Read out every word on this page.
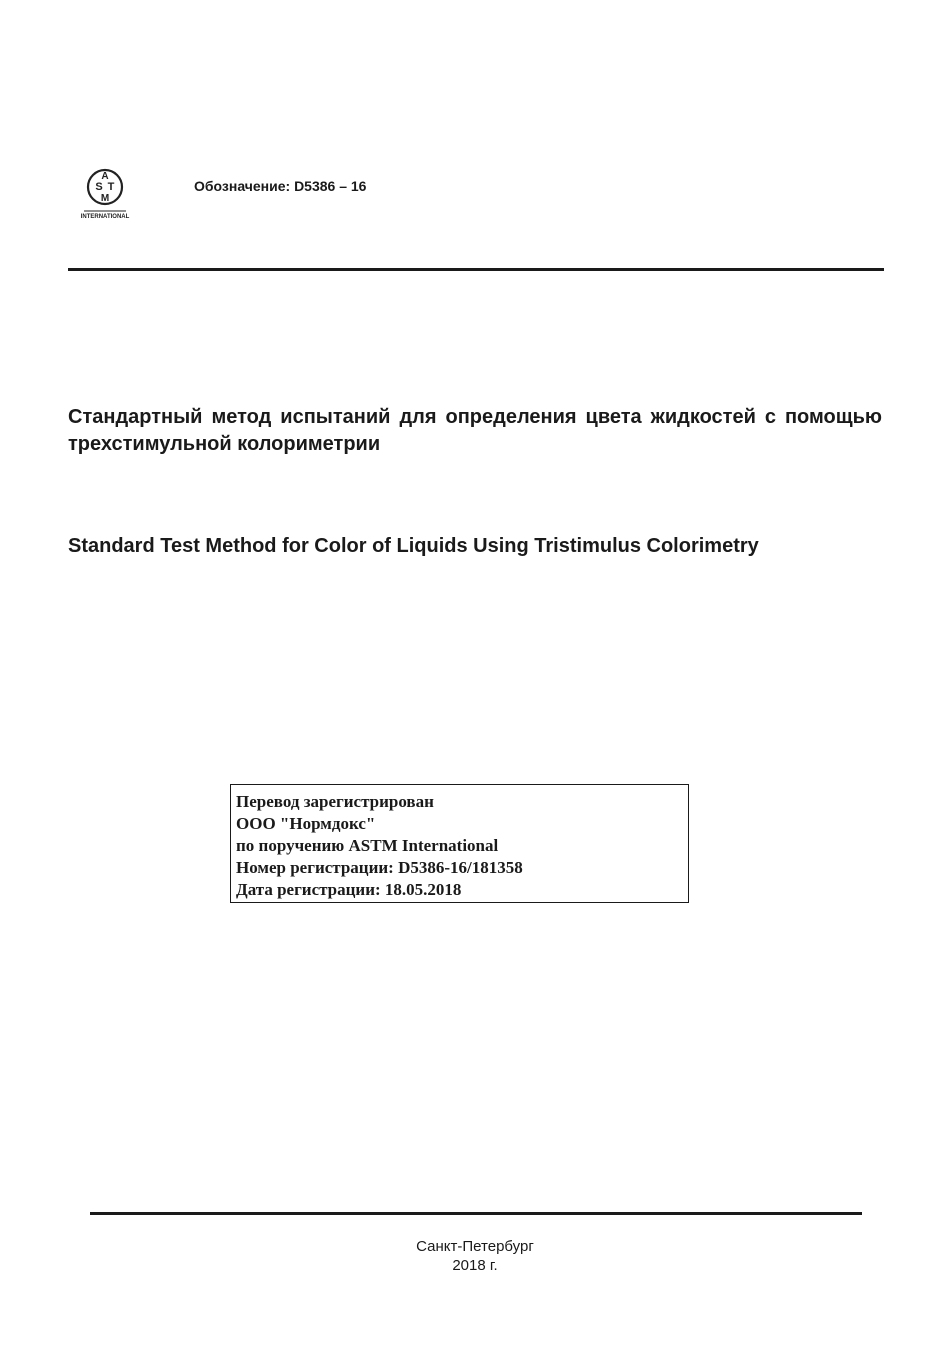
A
S T
M
INTERNATIONAL
Обозначение: D5386 – 16
Стандартный метод испытаний для определения цвета жидкостей с помощью трехстимульной колориметрии
Standard Test Method for Color of Liquids Using Tristimulus Colorimetry
Перевод зарегистрирован
ООО "Нормдокс"
по поручению ASTM International
Номер регистрации: D5386-16/181358
Дата регистрации: 18.05.2018
Санкт-Петербург
2018 г.
